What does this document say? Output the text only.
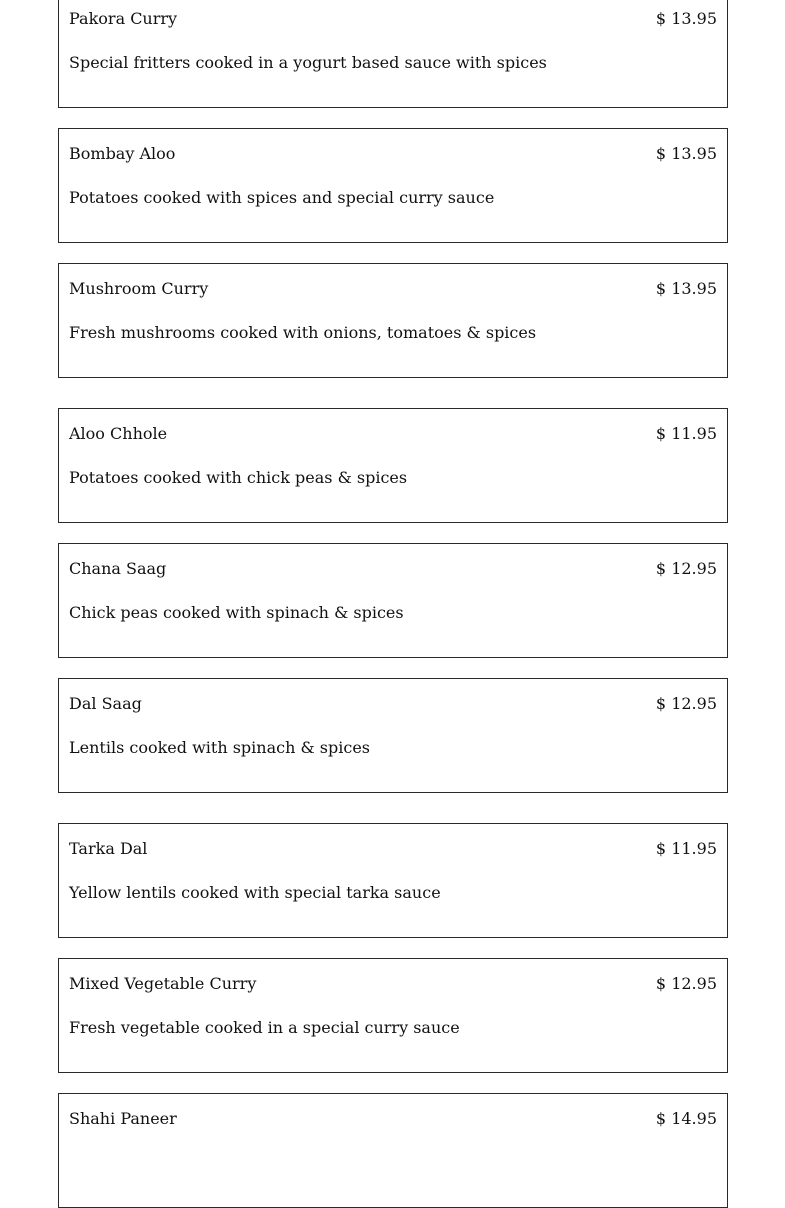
Pakora Curry	$ 13.95
Special fritters cooked in a yogurt based sauce with spices
Bombay Aloo	$ 13.95
Potatoes cooked with spices and special curry sauce
Mushroom Curry	$ 13.95
Fresh mushrooms cooked with onions, tomatoes & spices
Aloo Chhole	$ 11.95
Potatoes cooked with chick peas & spices
Chana Saag	$ 12.95
Chick peas cooked with spinach & spices
Dal Saag	$ 12.95
Lentils cooked with spinach & spices
Tarka Dal	$ 11.95
Yellow lentils cooked with special tarka sauce
Mixed Vegetable Curry	$ 12.95
Fresh vegetable cooked in a special curry sauce
Shahi Paneer	$ 14.95
